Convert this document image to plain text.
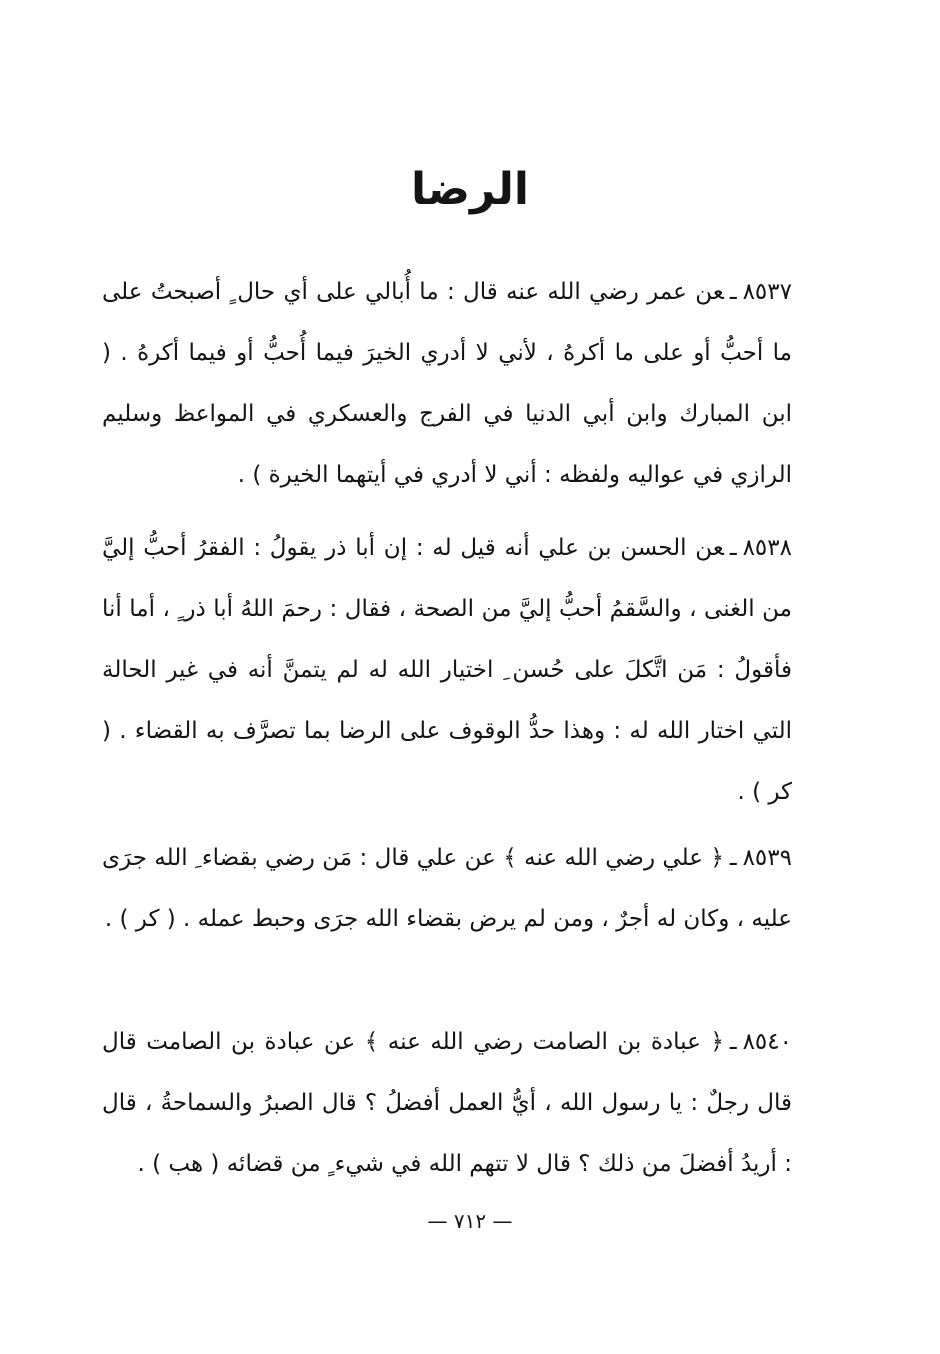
الرضا

٨٥٣٧ـعن عمر رضي الله عنه قال : ما أُبالي على أي حال ٍ أصبحتُ على ما أحبُّ أو على ما أكرهُ ، لأني لا أدري الخيرَ فيما أُحبُّ أو فيما أكرهُ . ( ابن المبارك وابن أبي الدنيا في الفرج والعسكري في المواعظ وسليم الرازي في عواليه ولفظه : أني لا أدري في أيتهما الخيرة ) .

٨٥٣٨ـعن الحسن بن علي أنه قيل له : إن أبا ذر يقولُ : الفقرُ أحبُّ إليَّ من الغنى ، والسَّقمُ أحبُّ إليَّ من الصحة ، فقال : رحمَ اللهُ أبا ذر ٍ ، أما أنا فأقولُ : مَن اتَّكلَ على حُسن ِ اختيار الله له لم يتمنَّ أنه في غير الحالة التي اختار الله له : وهذا حدُّ الوقوف على الرضا بما تصرَّف به القضاء . ( كر ) .

٨٥٣٩ـ﴿ علي رضي الله عنه ﴾ عن علي قال : مَن رضي بقضاء ِ الله جرَى عليه ، وكان له أجرٌ ، ومن لم يرض بقضاء الله جرَى وحبط عمله . ( كر ) .

٨٥٤٠ـ﴿ عبادة بن الصامت رضي الله عنه ﴾ عن عبادة بن الصامت قال قال رجلٌ : يا رسول الله ، أيُّ العمل أفضلُ ؟ قال الصبرُ والسماحةُ ، قال : أريدُ أفضلَ من ذلك ؟ قال لا تتهم الله في شيء ٍ من قضائه ( هب ) .

— ٧١٢ —
